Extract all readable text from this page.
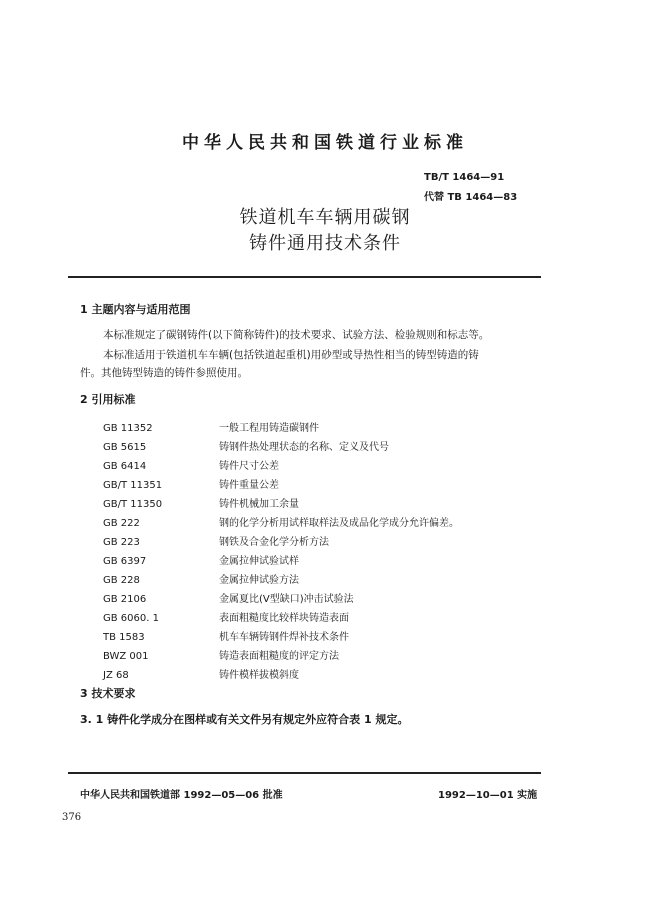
中华人民共和国铁道行业标准
TB/T 1464—91
代替 TB 1464—83
铁道机车车辆用碳钢
铸件通用技术条件
1 主题内容与适用范围
本标准规定了碳钢铸件(以下简称铸件)的技术要求、试验方法、检验规则和标志等。
本标准适用于铁道机车车辆(包括铁道起重机)用砂型或导热性相当的铸型铸造的铸
件。其他铸型铸造的铸件参照使用。
2 引用标准
GB 11352	一般工程用铸造碳钢件
GB 5615	铸钢件热处理状态的名称、定义及代号
GB 6414	铸件尺寸公差
GB/T 11351	铸件重量公差
GB/T 11350	铸件机械加工余量
GB 222	钢的化学分析用试样取样法及成品化学成分允许偏差。
GB 223	钢铁及合金化学分析方法
GB 6397	金属拉伸试验试样
GB 228	金属拉伸试验方法
GB 2106	金属夏比(V型缺口)冲击试验法
GB 6060. 1	表面粗糙度比较样块铸造表面
TB 1583	机车车辆铸钢件焊补技术条件
BWZ 001	铸造表面粗糙度的评定方法
JZ 68	铸件模样拔模斜度
3 技术要求
3. 1 铸件化学成分在图样或有关文件另有规定外应符合表 1 规定。
中华人民共和国铁道部 1992—05—06 批准	1992—10—01 实施
376
